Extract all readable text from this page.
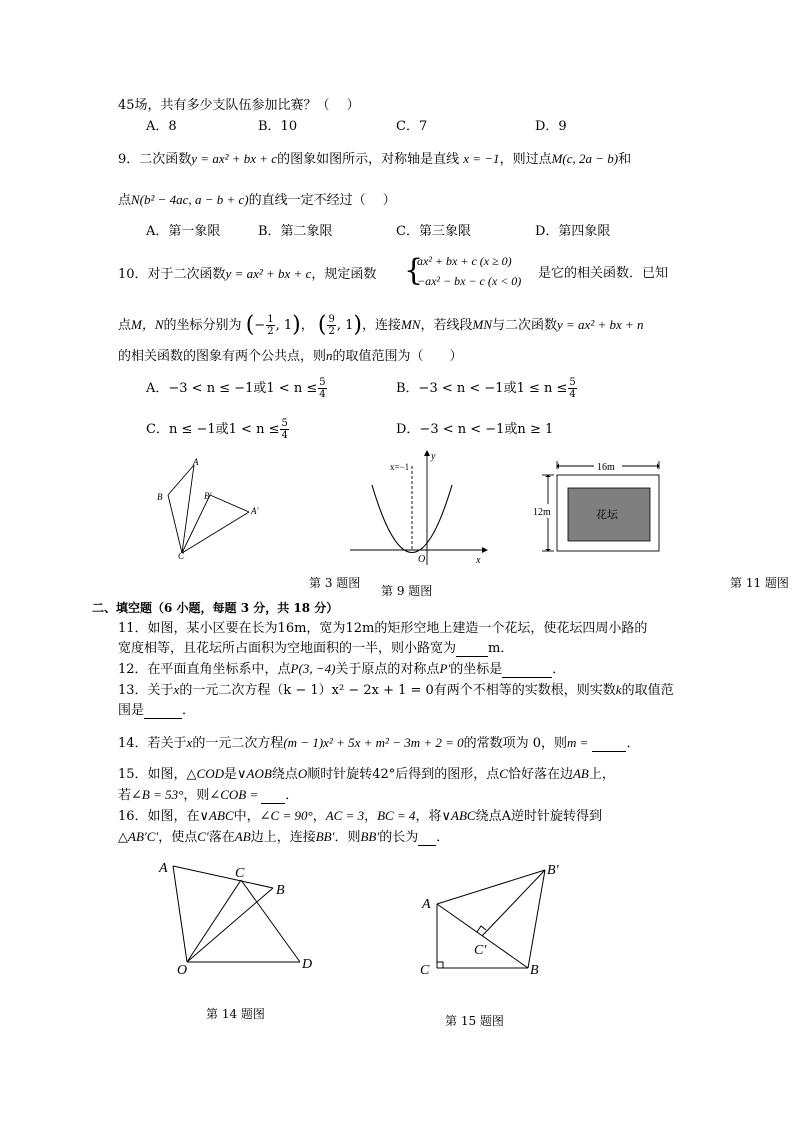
45场，共有多少支队伍参加比赛？（　 ）
A．8	B．10	C．7	D．9
9．二次函数y = ax² + bx + c的图象如图所示，对称轴是直线 x = −1，则过点M(c, 2a − b)和
点N(b² − 4ac, a − b + c)的直线一定不经过（　 ）
A．第一象限	B．第二象限	C．第三象限	D．第四象限
10．对于二次函数y = ax² + bx + c，规定函数 {
ax² + bx + c (x ≥ 0)
−ax² − bx − c (x < 0) 是它的相关函数．已知
点M，N的坐标分别为 (− $\frac{1}{2}$ , 1)， ( $\frac{9}{2}$ , 1)，连接MN，若线段MN与二次函数y = ax² + bx + n
的相关函数的图象有两个公共点，则n的取值范围为（　　）
A．−3 < n ≤ −1或$1 < n \le \frac{5}{4}$	B．−3 < n < −1或$1 \le n \le \frac{5}{4}$
C．n ≤ −1或$1 < n \le \frac{5}{4}$	D．−3 < n < −1或n ≥ 1
A
B	B'
A'
C
x=−1
y
x
O
16m
12m	花坛
第 3 题图
第 9 题图
第 11 题图
二、填空题（6 小题，每题 3 分，共 18 分）
11．如图，某小区要在长为16m，宽为12m的矩形空地上建造一个花坛，使花坛四周小路的
宽度相等，且花坛所占面积为空地面积的一半，则小路宽为 m．
12．在平面直角坐标系中，点P(3, −4)关于原点的对称点P′的坐标是	．
13．关于x的一元二次方程（k − 1）x² − 2x + 1 = 0有两个不相等的实数根，则实数k的取值范
围是	．
14．若关于x的一元二次方程(m − 1)x² + 5x + m² − 3m + 2 = 0的常数项为 0，则m =	．
15．如图，△COD是∨AOB绕点O顺时针旋转42°后得到的图形，点C恰好落在边AB上，
若∠B = 53°，则∠COB = ．
16．如图，在∨ABC中，∠C = 90°，AC = 3，BC = 4，将∨ABC绕点A逆时针旋转得到
△AB′C′，使点C′落在AB边上，连接BB′．则BB′的长为 ．
A	C
B
O	D
B′
A
C′
C	B
第 14 题图	第 15 题图
